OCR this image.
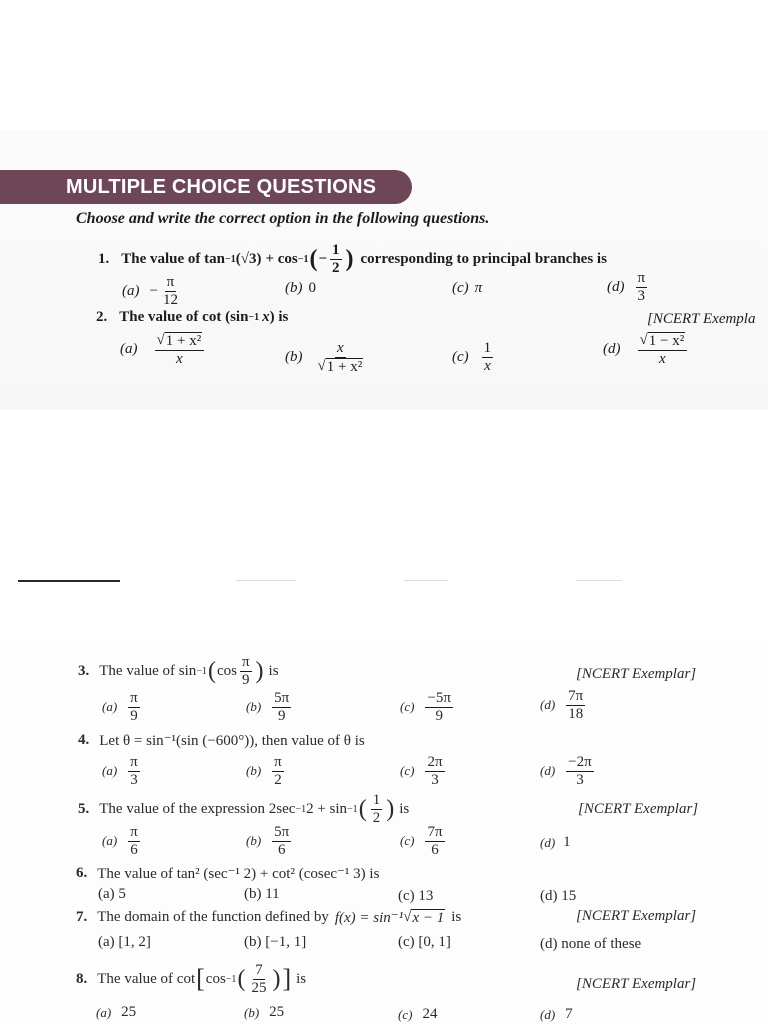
MULTIPLE CHOICE QUESTIONS
Choose and write the correct option in the following questions.
1. The value of tan −1 (√3) + cos −1 ( − $\frac{1}{2}$ ) corresponding to principal branches is
$(a) - \frac{\pi}{12}$	(b) 0	(c) π	$(d) \frac{\pi}{3}$
2. The value of cot (sin −1 x ) is	[NCERT Exempla
$(a) \frac{\text{√ 1 + x²}}{x}$	$(b) \frac{x}{\text{√ 1 + x²}}$	$(c) \frac{1}{x}$	$(d) \frac{\text{√ 1 − x²}}{x}$
3. The value of sin −1 ( $\cos \frac{\pi}{9}$ ) is	[NCERT Exemplar]
$(a) \frac{\pi}{9}$	$(b) \frac{5\pi}{9}$	$(c) \frac{-5\pi}{9}$	$(d) \frac{7\pi}{18}$
4. Let θ = sin⁻¹(sin (−600°)), then value of θ is
$(a) \frac{\pi}{3}$	$(b) \frac{\pi}{2}$	$(c) \frac{2\pi}{3}$	$(d) \frac{-2\pi}{3}$
5. The value of the expression 2sec −1 2 + sin −1 ( $\frac{1}{2}$ ) is	[NCERT Exemplar]
$(a) \frac{\pi}{6}$	$(b) \frac{5\pi}{6}$	$(c) \frac{7\pi}{6}$	(d) 1
6. The value of tan² (sec⁻¹ 2) + cot² (cosec⁻¹ 3) is
(a) 5	(b) 11	(c) 13	(d) 15
7. The domain of the function defined by f(x) = sin⁻¹ √ x − 1 is	[NCERT Exemplar]
(a) [1, 2]	(b) [−1, 1]	(c) [0, 1]	(d) none of these
8. The value of cot [ cos −1 ( $\frac{7}{25}$ ) ] is	[NCERT Exemplar]
(a) 25	(b) 25	(c) 24	(d) 7
